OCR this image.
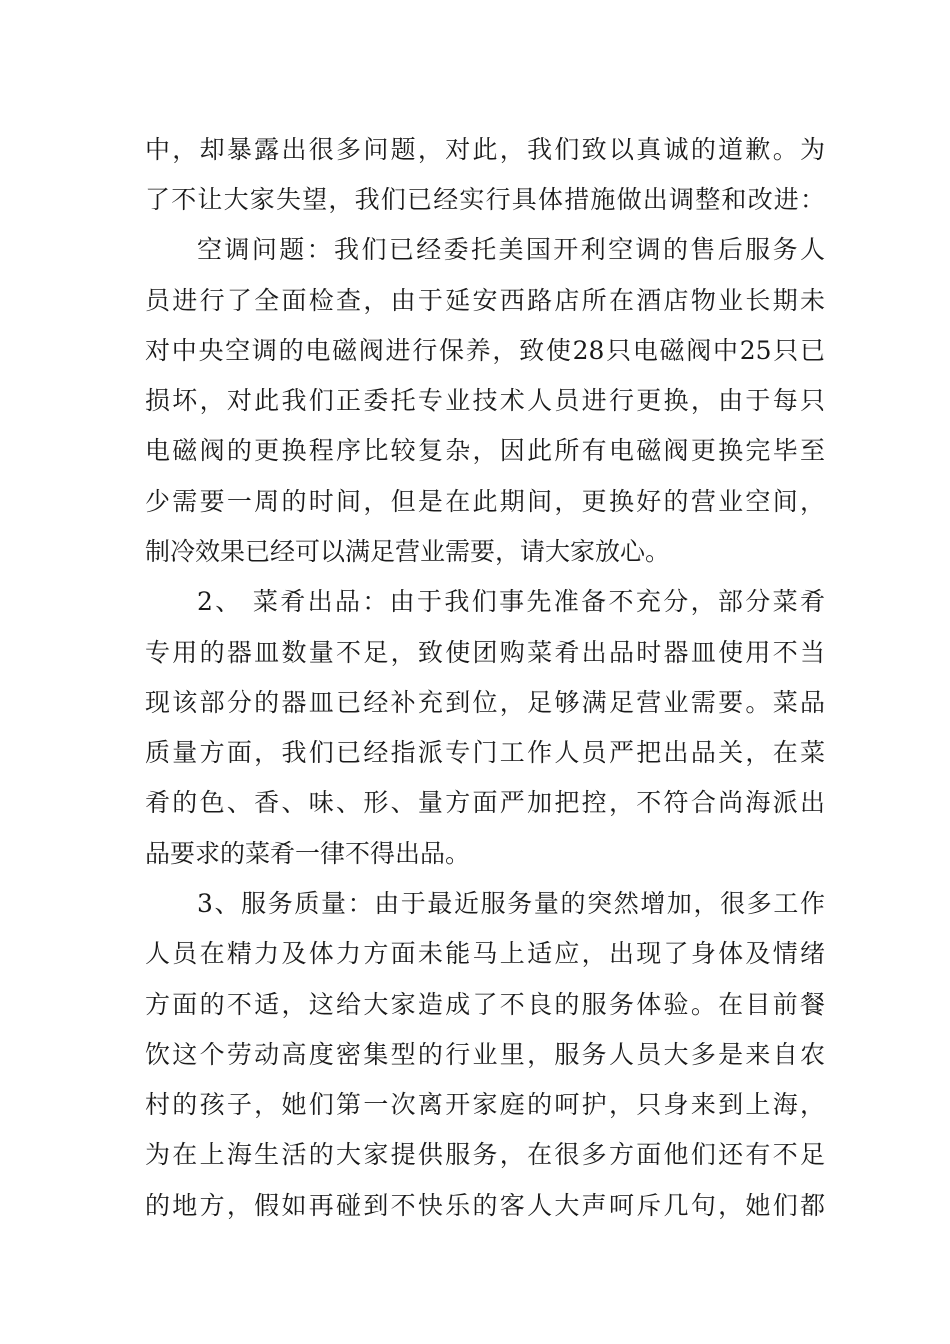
中，却暴露出很多问题，对此，我们致以真诚的道歉。为
了不让大家失望，我们已经实行具体措施做出调整和改进：
空调问题：我们已经委托美国开利空调的售后服务人
员进行了全面检查，由于延安西路店所在酒店物业长期未
对中央空调的电磁阀进行保养，致使28只电磁阀中25只已
损坏，对此我们正委托专业技术人员进行更换，由于每只
电磁阀的更换程序比较复杂，因此所有电磁阀更换完毕至
少需要一周的时间，但是在此期间，更换好的营业空间，
制冷效果已经可以满足营业需要，请大家放心。
2、 菜肴出品：由于我们事先准备不充分，部分菜肴
专用的器皿数量不足，致使团购菜肴出品时器皿使用不当
现该部分的器皿已经补充到位，足够满足营业需要。菜品
质量方面，我们已经指派专门工作人员严把出品关，在菜
肴的色、香、味、形、量方面严加把控，不符合尚海派出
品要求的菜肴一律不得出品。
3、服务质量：由于最近服务量的突然增加，很多工作
人员在精力及体力方面未能马上适应，出现了身体及情绪
方面的不适，这给大家造成了不良的服务体验。在目前餐
饮这个劳动高度密集型的行业里，服务人员大多是来自农
村的孩子，她们第一次离开家庭的呵护，只身来到上海，
为在上海生活的大家提供服务，在很多方面他们还有不足
的地方，假如再碰到不快乐的客人大声呵斥几句，她们都
